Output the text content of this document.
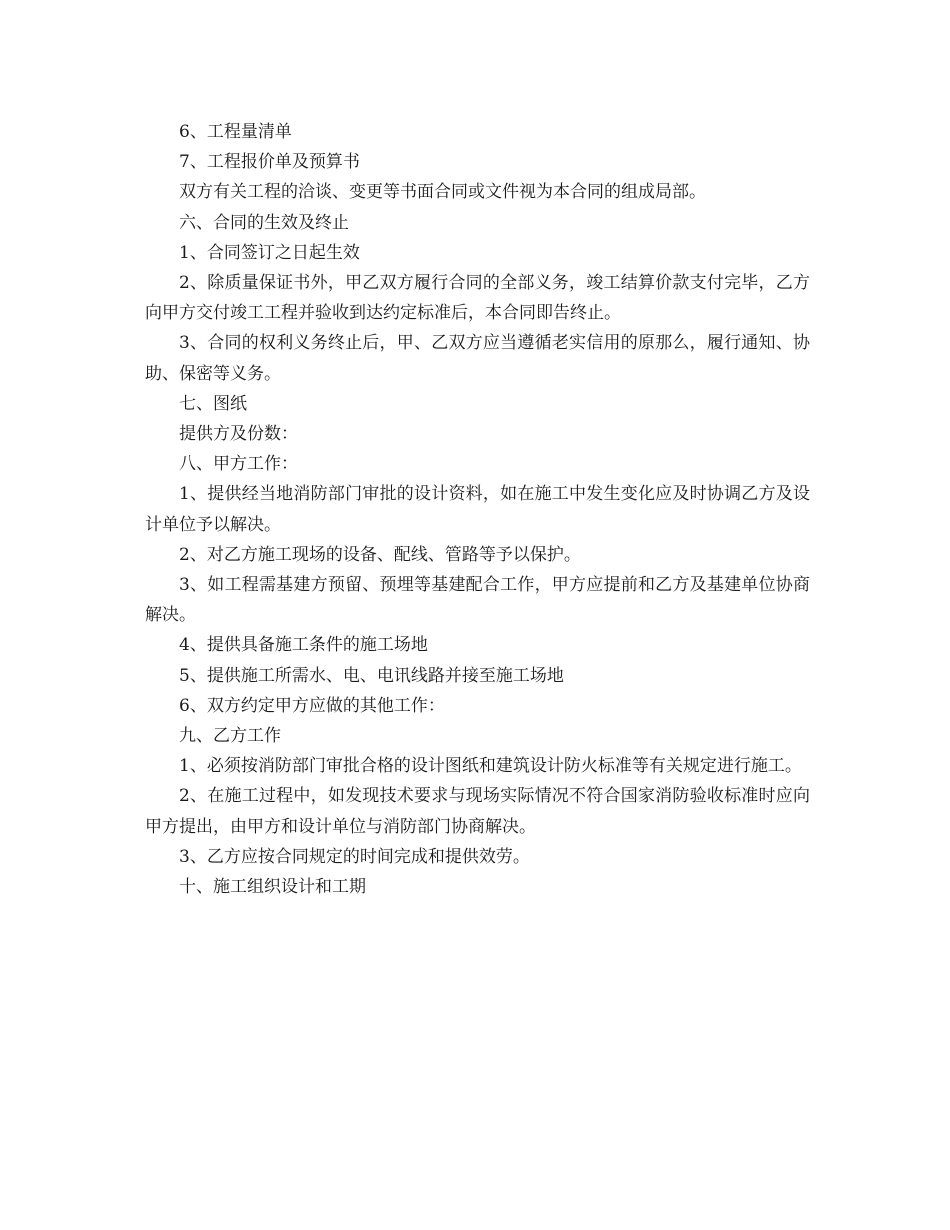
6、工程量清单

7、工程报价单及预算书

双方有关工程的洽谈、变更等书面合同或文件视为本合同的组成局部。

六、合同的生效及终止

1、合同签订之日起生效

2、除质量保证书外，甲乙双方履行合同的全部义务，竣工结算价款支付完毕，乙方向甲方交付竣工工程并验收到达约定标准后，本合同即告终止。

3、合同的权利义务终止后，甲、乙双方应当遵循老实信用的原那么，履行通知、协助、保密等义务。

七、图纸

提供方及份数：

八、甲方工作：

1、提供经当地消防部门审批的设计资料，如在施工中发生变化应及时协调乙方及设计单位予以解决。

2、对乙方施工现场的设备、配线、管路等予以保护。

3、如工程需基建方预留、预埋等基建配合工作，甲方应提前和乙方及基建单位协商解决。

4、提供具备施工条件的施工场地

5、提供施工所需水、电、电讯线路并接至施工场地

6、双方约定甲方应做的其他工作：

九、乙方工作

1、必须按消防部门审批合格的设计图纸和建筑设计防火标准等有关规定进行施工。

2、在施工过程中，如发现技术要求与现场实际情况不符合国家消防验收标准时应向甲方提出，由甲方和设计单位与消防部门协商解决。

3、乙方应按合同规定的时间完成和提供效劳。

十、施工组织设计和工期
